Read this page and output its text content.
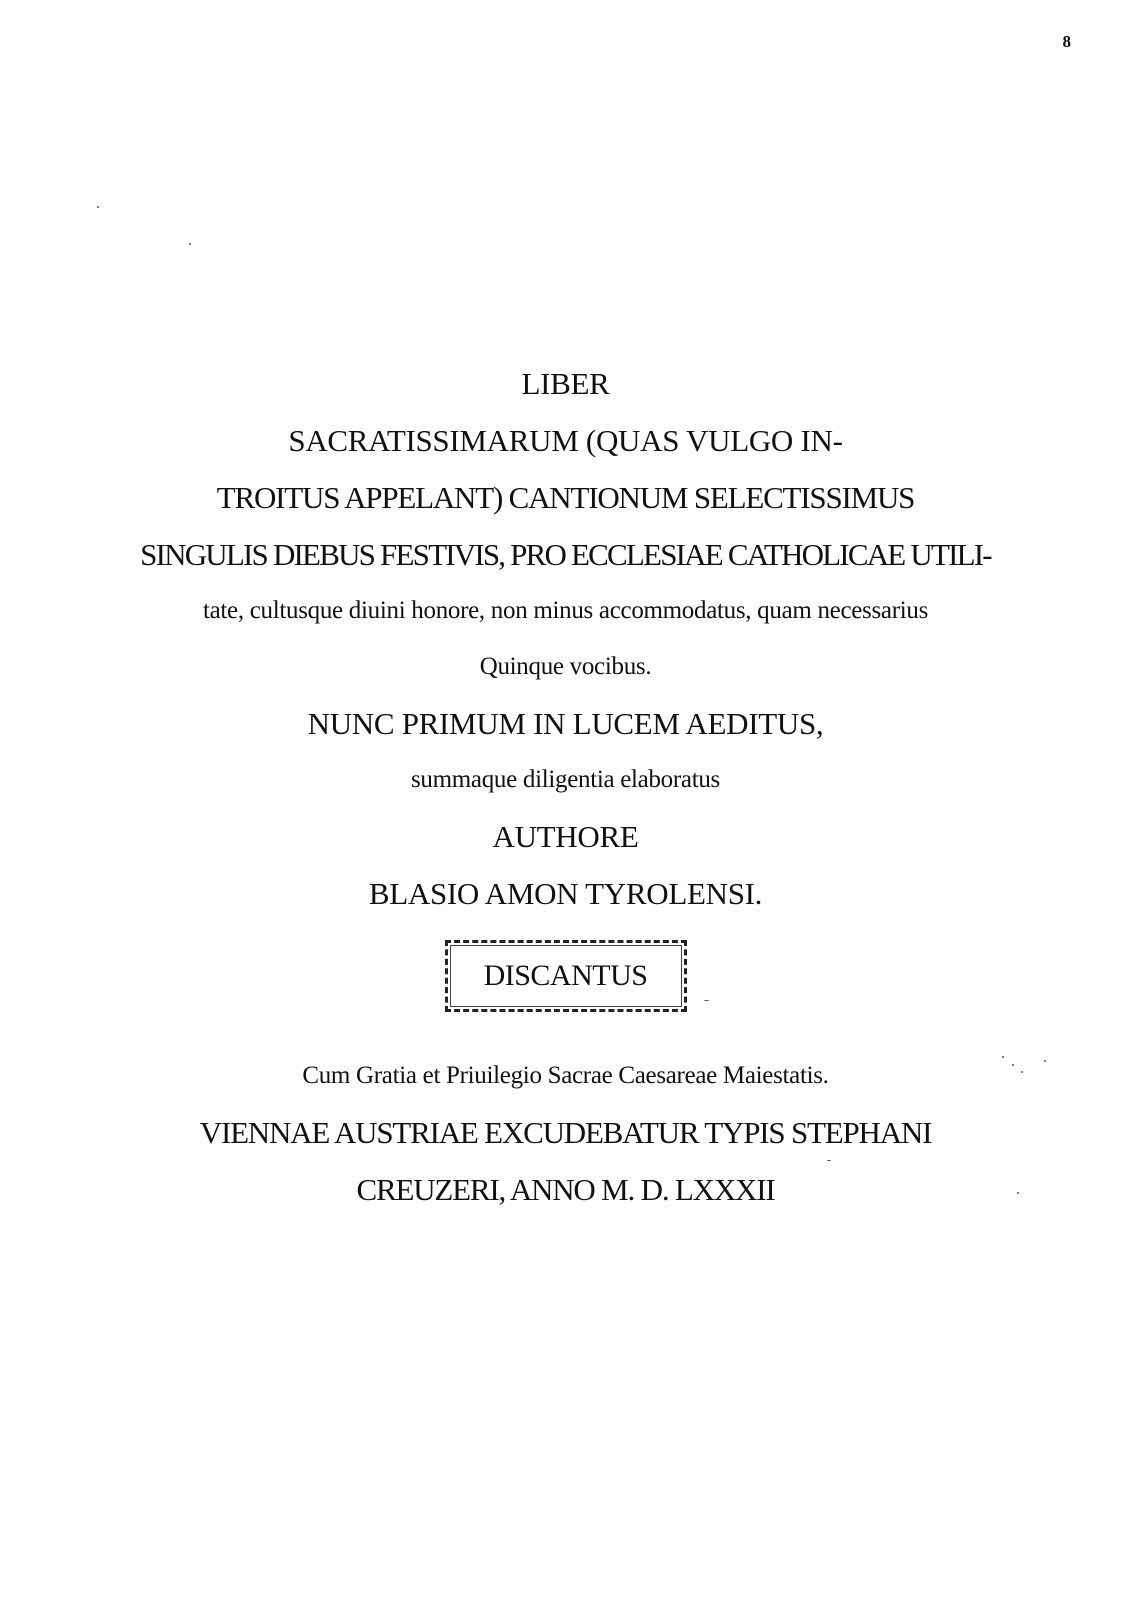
8
LIBER
SACRATISSIMARUM (QUAS VULGO IN-
TROITUS APPELANT) CANTIONUM SELECTISSIMUS
SINGULIS DIEBUS FESTIVIS, PRO ECCLESIAE CATHOLICAE UTILI-
tate, cultusque diuini honore, non minus accommodatus, quam necessarius
Quinque vocibus.
NUNC PRIMUM IN LUCEM AEDITUS,
summaque diligentia elaboratus
AUTHORE
BLASIO AMON TYROLENSI.
DISCANTUS
Cum Gratia et Priuilegio Sacrae Caesareae Maiestatis.
VIENNAE AUSTRIAE EXCUDEBATUR TYPIS STEPHANI
CREUZERI, ANNO M. D. LXXXII
